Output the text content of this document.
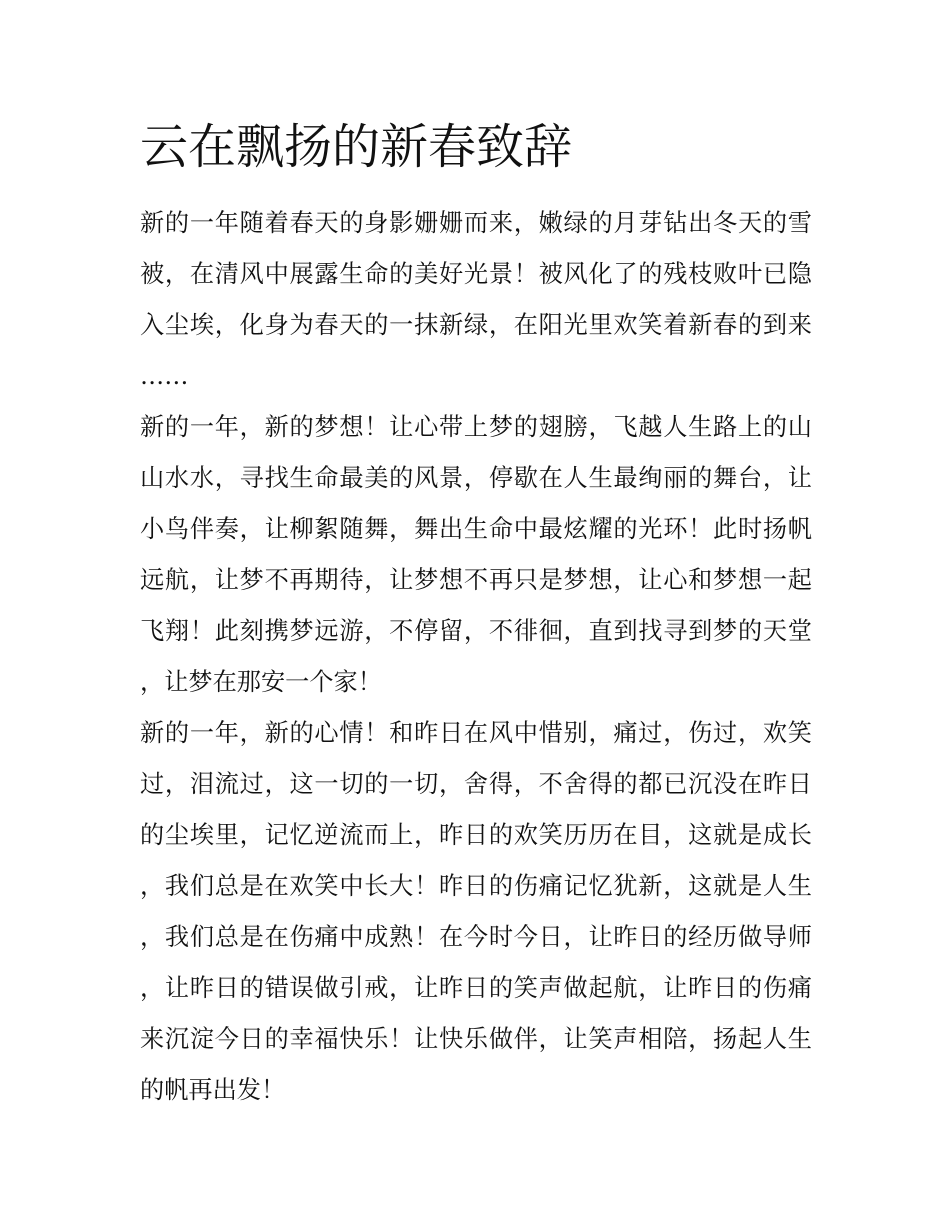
云在飘扬的新春致辞

新的一年随着春天的身影姗姗而来，嫩绿的月芽钻出冬天的雪被，在清风中展露生命的美好光景！被风化了的残枝败叶已隐入尘埃，化身为春天的一抹新绿，在阳光里欢笑着新春的到来……

新的一年，新的梦想！让心带上梦的翅膀，飞越人生路上的山山水水，寻找生命最美的风景，停歇在人生最绚丽的舞台，让小鸟伴奏，让柳絮随舞，舞出生命中最炫耀的光环！此时扬帆远航，让梦不再期待，让梦想不再只是梦想，让心和梦想一起飞翔！此刻携梦远游，不停留，不徘徊，直到找寻到梦的天堂，让梦在那安一个家！

新的一年，新的心情！和昨日在风中惜别，痛过，伤过，欢笑过，泪流过，这一切的一切，舍得，不舍得的都已沉没在昨日的尘埃里，记忆逆流而上，昨日的欢笑历历在目，这就是成长，我们总是在欢笑中长大！昨日的伤痛记忆犹新，这就是人生，我们总是在伤痛中成熟！在今时今日，让昨日的经历做导师，让昨日的错误做引戒，让昨日的笑声做起航，让昨日的伤痛来沉淀今日的幸福快乐！让快乐做伴，让笑声相陪，扬起人生的帆再出发！
